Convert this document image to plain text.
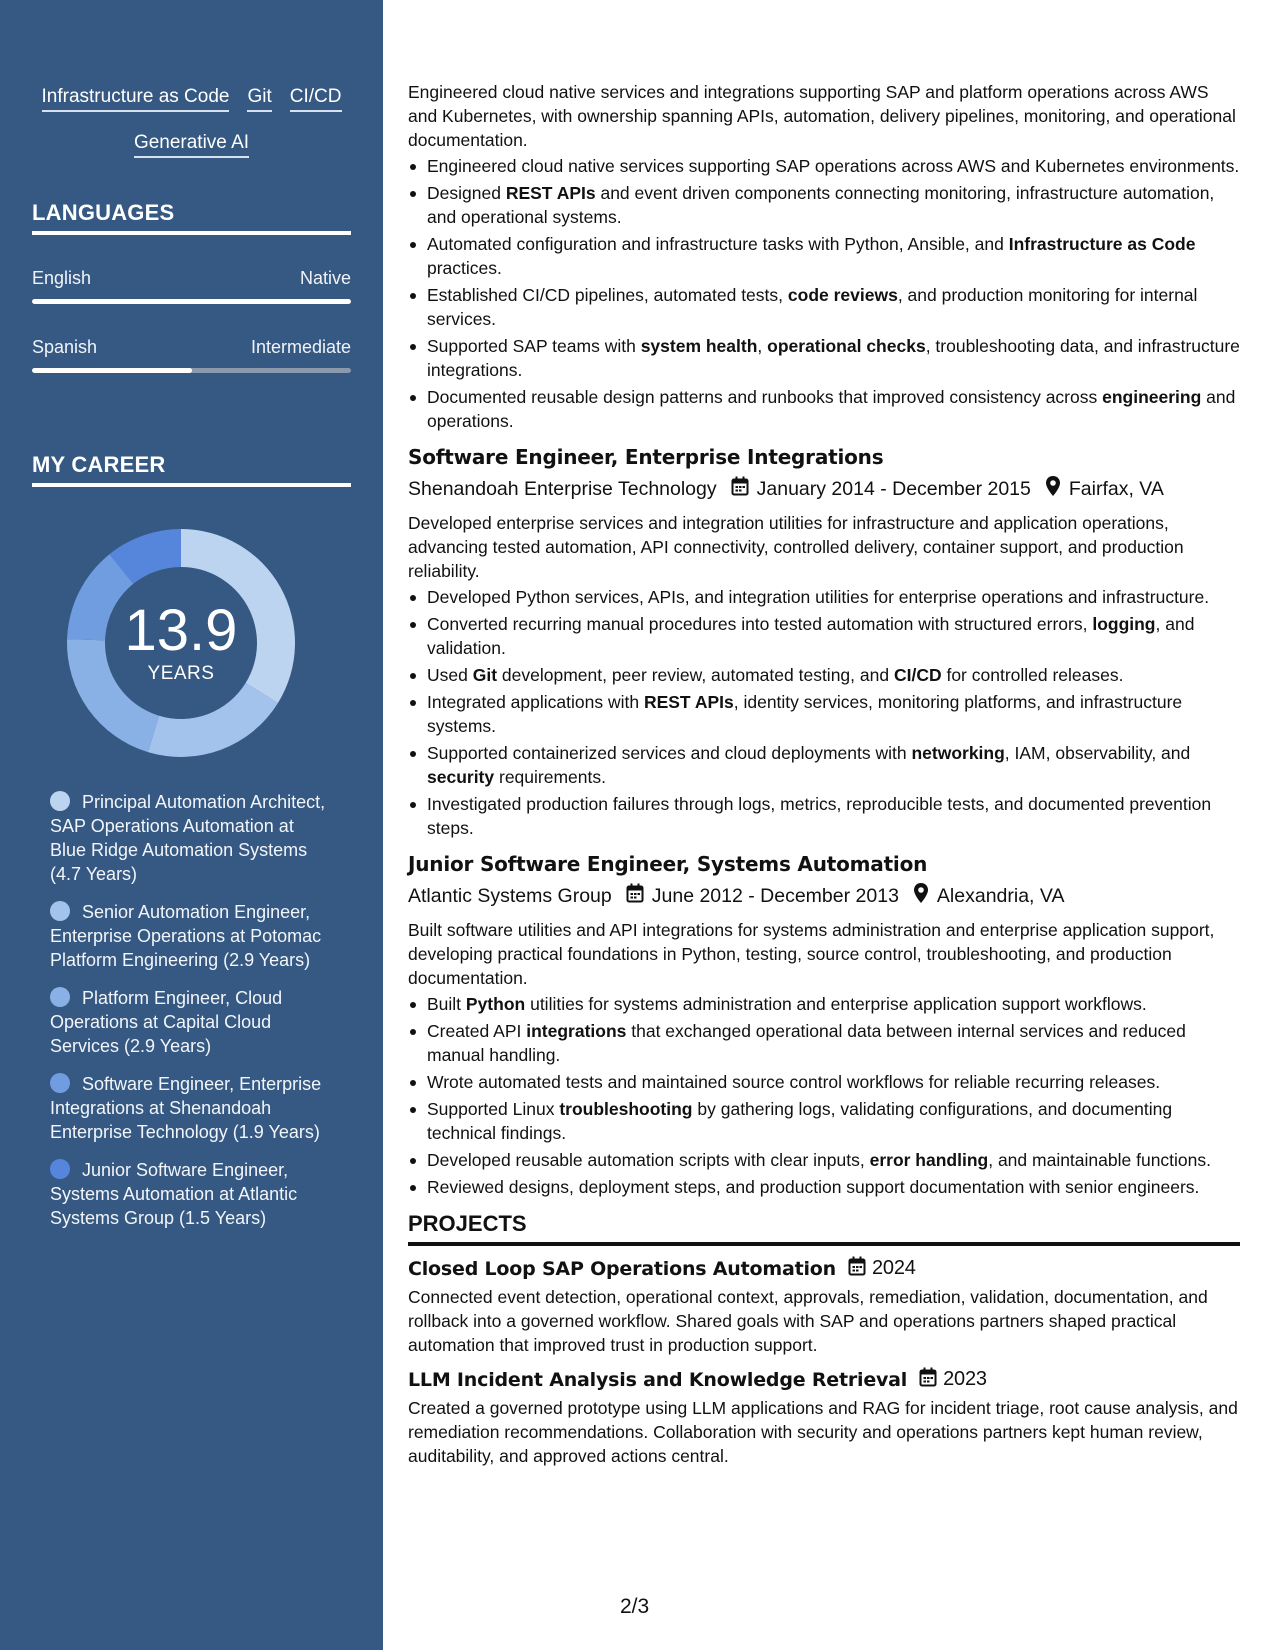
Infrastructure as Code Git CI/CD
Generative AI
LANGUAGES
English	Native
Spanish	Intermediate
MY CAREER
13.9
YEARS
Principal Automation Architect, SAP Operations Automation at Blue Ridge Automation Systems (4.7 Years)
Senior Automation Engineer, Enterprise Operations at Potomac Platform Engineering (2.9 Years)
Platform Engineer, Cloud Operations at Capital Cloud Services (2.9 Years)
Software Engineer, Enterprise Integrations at Shenandoah Enterprise Technology (1.9 Years)
Junior Software Engineer, Systems Automation at Atlantic Systems Group (1.5 Years)

Engineered cloud native services and integrations supporting SAP and platform operations across AWS and Kubernetes, with ownership spanning APIs, automation, delivery pipelines, monitoring, and operational documentation.

Engineered cloud native services supporting SAP operations across AWS and Kubernetes environments.
Designed REST APIs and event driven components connecting monitoring, infrastructure automation, and operational systems.
Automated configuration and infrastructure tasks with Python, Ansible, and Infrastructure as Code practices.
Established CI/CD pipelines, automated tests, code reviews, and production monitoring for internal services.
Supported SAP teams with system health, operational checks, troubleshooting data, and infrastructure integrations.
Documented reusable design patterns and runbooks that improved consistency across engineering and operations.
Software Engineer, Enterprise Integrations
Shenandoah Enterprise Technology January 2014 - December 2015 Fairfax, VA

Developed enterprise services and integration utilities for infrastructure and application operations, advancing tested automation, API connectivity, controlled delivery, container support, and production reliability.

Developed Python services, APIs, and integration utilities for enterprise operations and infrastructure.
Converted recurring manual procedures into tested automation with structured errors, logging, and validation.
Used Git development, peer review, automated testing, and CI/CD for controlled releases.
Integrated applications with REST APIs, identity services, monitoring platforms, and infrastructure systems.
Supported containerized services and cloud deployments with networking, IAM, observability, and security requirements.
Investigated production failures through logs, metrics, reproducible tests, and documented prevention steps.
Junior Software Engineer, Systems Automation
Atlantic Systems Group June 2012 - December 2013 Alexandria, VA

Built software utilities and API integrations for systems administration and enterprise application support, developing practical foundations in Python, testing, source control, troubleshooting, and production documentation.

Built Python utilities for systems administration and enterprise application support workflows.
Created API integrations that exchanged operational data between internal services and reduced manual handling.
Wrote automated tests and maintained source control workflows for reliable recurring releases.
Supported Linux troubleshooting by gathering logs, validating configurations, and documenting technical findings.
Developed reusable automation scripts with clear inputs, error handling, and maintainable functions.
Reviewed designs, deployment steps, and production support documentation with senior engineers.
PROJECTS
Closed Loop SAP Operations Automation 2024

Connected event detection, operational context, approvals, remediation, validation, documentation, and rollback into a governed workflow. Shared goals with SAP and operations partners shaped practical automation that improved trust in production support.

LLM Incident Analysis and Knowledge Retrieval 2023

Created a governed prototype using LLM applications and RAG for incident triage, root cause analysis, and remediation recommendations. Collaboration with security and operations partners kept human review, auditability, and approved actions central.

2/3
